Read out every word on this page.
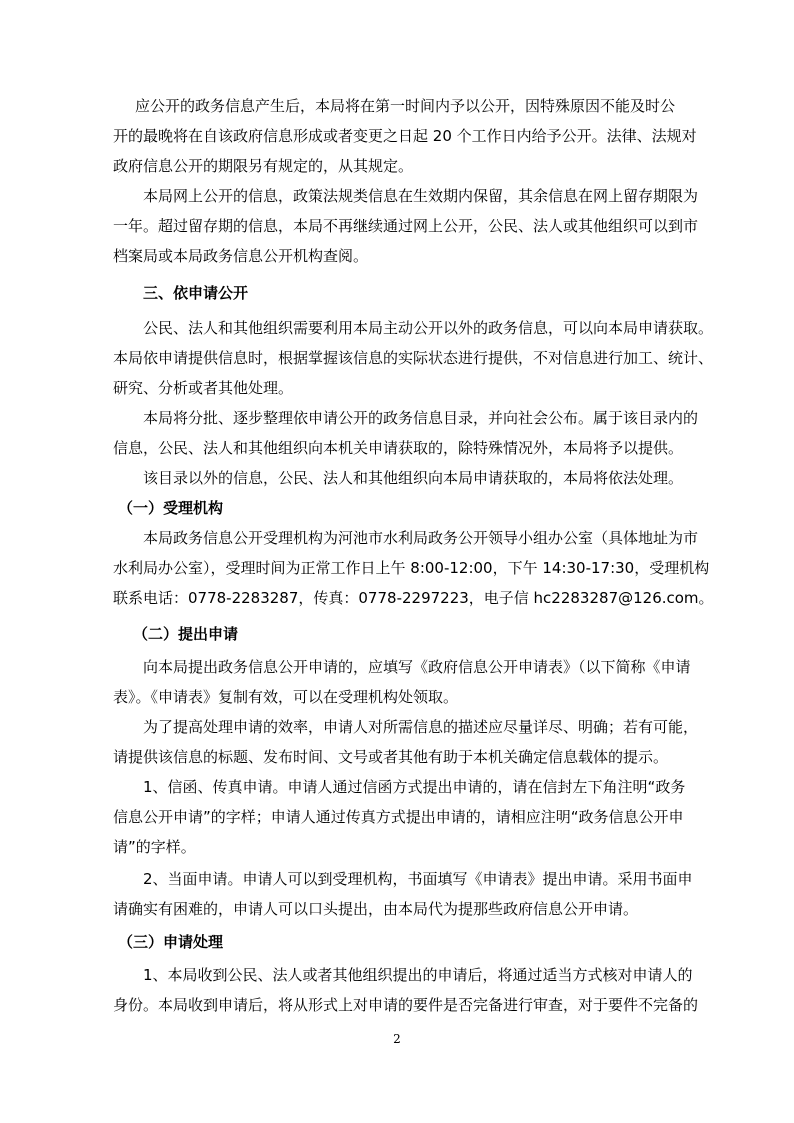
应公开的政务信息产生后，本局将在第一时间内予以公开，因特殊原因不能及时公
开的最晚将在自该政府信息形成或者变更之日起 20 个工作日内给予公开。法律、法规对
政府信息公开的期限另有规定的，从其规定。
本局网上公开的信息，政策法规类信息在生效期内保留，其余信息在网上留存期限为
一年。超过留存期的信息，本局不再继续通过网上公开，公民、法人或其他组织可以到市
档案局或本局政务信息公开机构查阅。
三、依申请公开
公民、法人和其他组织需要利用本局主动公开以外的政务信息，可以向本局申请获取。
本局依申请提供信息时，根据掌握该信息的实际状态进行提供，不对信息进行加工、统计、
研究、分析或者其他处理。
本局将分批、逐步整理依申请公开的政务信息目录，并向社会公布。属于该目录内的
信息，公民、法人和其他组织向本机关申请获取的，除特殊情况外，本局将予以提供。
该目录以外的信息，公民、法人和其他组织向本局申请获取的，本局将依法处理。
（一）受理机构
本局政务信息公开受理机构为河池市水利局政务公开领导小组办公室（具体地址为市
水利局办公室），受理时间为正常工作日上午 8:00-12:00，下午 14:30-17:30，受理机构
联系电话：0778-2283287，传真：0778-2297223，电子信 hc2283287@126.com。
（二）提出申请
向本局提出政务信息公开申请的，应填写《政府信息公开申请表》（以下简称《申请
表》。《申请表》复制有效，可以在受理机构处领取。
为了提高处理申请的效率，申请人对所需信息的描述应尽量详尽、明确；若有可能，
请提供该信息的标题、发布时间、文号或者其他有助于本机关确定信息载体的提示。
1、信函、传真申请。申请人通过信函方式提出申请的，请在信封左下角注明“政务
信息公开申请”的字样；申请人通过传真方式提出申请的，请相应注明“政务信息公开申
请”的字样。
2、当面申请。申请人可以到受理机构，书面填写《申请表》提出申请。采用书面申
请确实有困难的，申请人可以口头提出，由本局代为提那些政府信息公开申请。
（三）申请处理
1、本局收到公民、法人或者其他组织提出的申请后，将通过适当方式核对申请人的
身份。本局收到申请后，将从形式上对申请的要件是否完备进行审查，对于要件不完备的
2
